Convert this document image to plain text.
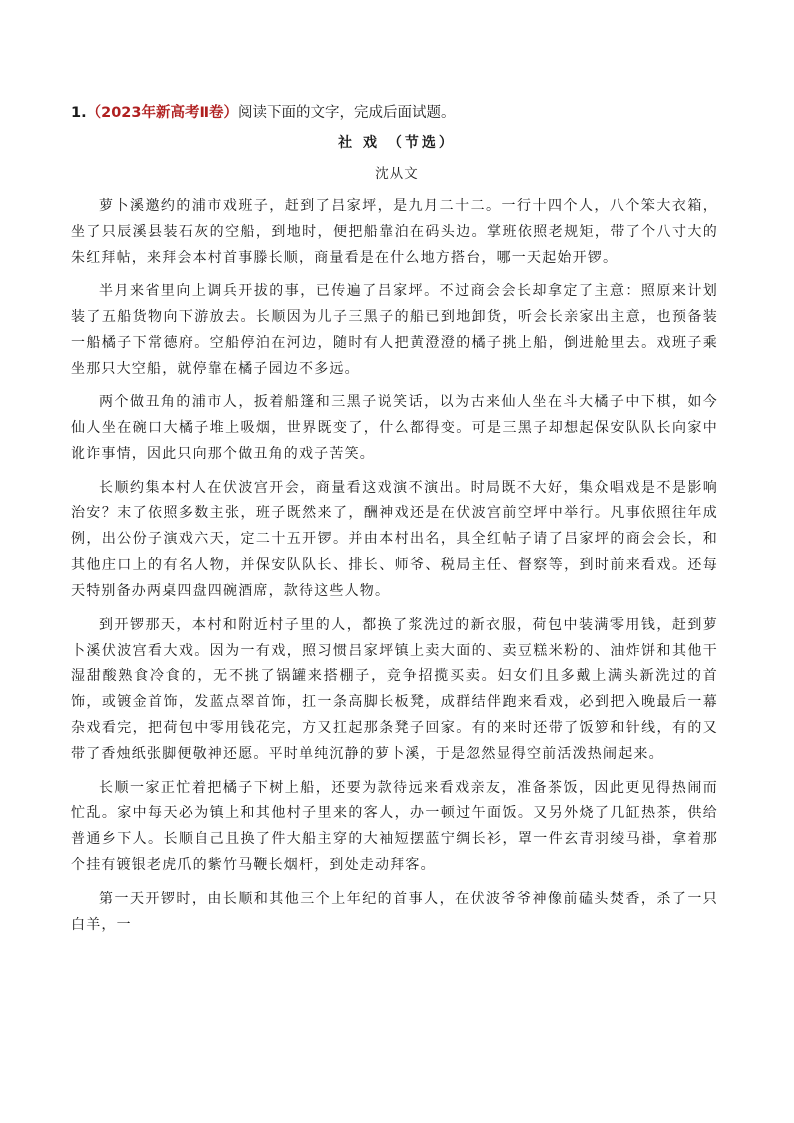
1.（2023年新高考Ⅱ卷）阅读下面的文字，完成后面试题。
社 戏 （节选）
沈从文

萝卜溪邀约的浦市戏班子，赶到了吕家坪，是九月二十二。一行十四个人，八个笨大衣箱，坐了只辰溪县装石灰的空船，到地时，便把船靠泊在码头边。掌班依照老规矩，带了个八寸大的朱红拜帖，来拜会本村首事滕长顺，商量看是在什么地方搭台，哪一天起始开锣。

半月来省里向上调兵开拔的事，已传遍了吕家坪。不过商会会长却拿定了主意：照原来计划装了五船货物向下游放去。长顺因为儿子三黑子的船已到地卸货，听会长亲家出主意，也预备装一船橘子下常德府。空船停泊在河边，随时有人把黄澄澄的橘子挑上船，倒进舱里去。戏班子乘坐那只大空船，就停靠在橘子园边不多远。

两个做丑角的浦市人，扳着船篷和三黑子说笑话，以为古来仙人坐在斗大橘子中下棋，如今仙人坐在碗口大橘子堆上吸烟，世界既变了，什么都得变。可是三黑子却想起保安队队长向家中讹诈事情，因此只向那个做丑角的戏子苦笑。

长顺约集本村人在伏波宫开会，商量看这戏演不演出。时局既不大好，集众唱戏是不是影响治安？末了依照多数主张，班子既然来了，酬神戏还是在伏波宫前空坪中举行。凡事依照往年成例，出公份子演戏六天，定二十五开锣。并由本村出名，具全红帖子请了吕家坪的商会会长，和其他庄口上的有名人物，并保安队队长、排长、师爷、税局主任、督察等，到时前来看戏。还每天特别备办两桌四盘四碗酒席，款待这些人物。

到开锣那天，本村和附近村子里的人，都换了浆洗过的新衣服，荷包中装满零用钱，赶到萝卜溪伏波宫看大戏。因为一有戏，照习惯吕家坪镇上卖大面的、卖豆糕米粉的、油炸饼和其他干湿甜酸熟食冷食的，无不挑了锅罐来搭棚子，竞争招揽买卖。妇女们且多戴上满头新洗过的首饰，或镀金首饰，发蓝点翠首饰，扛一条高脚长板凳，成群结伴跑来看戏，必到把入晚最后一幕杂戏看完，把荷包中零用钱花完，方又扛起那条凳子回家。有的来时还带了饭箩和针线，有的又带了香烛纸张脚便敬神还愿。平时单纯沉静的萝卜溪，于是忽然显得空前活泼热闹起来。

长顺一家正忙着把橘子下树上船，还要为款待远来看戏亲友，准备茶饭，因此更见得热闹而忙乱。家中每天必为镇上和其他村子里来的客人，办一顿过午面饭。又另外烧了几缸热茶，供给普通乡下人。长顺自己且换了件大船主穿的大袖短摆蓝宁绸长衫，罩一件玄青羽绫马褂，拿着那个挂有镀银老虎爪的紫竹马鞭长烟杆，到处走动拜客。

第一天开锣时，由长顺和其他三个上年纪的首事人，在伏波爷爷神像前磕头焚香，杀了一只白羊，一
